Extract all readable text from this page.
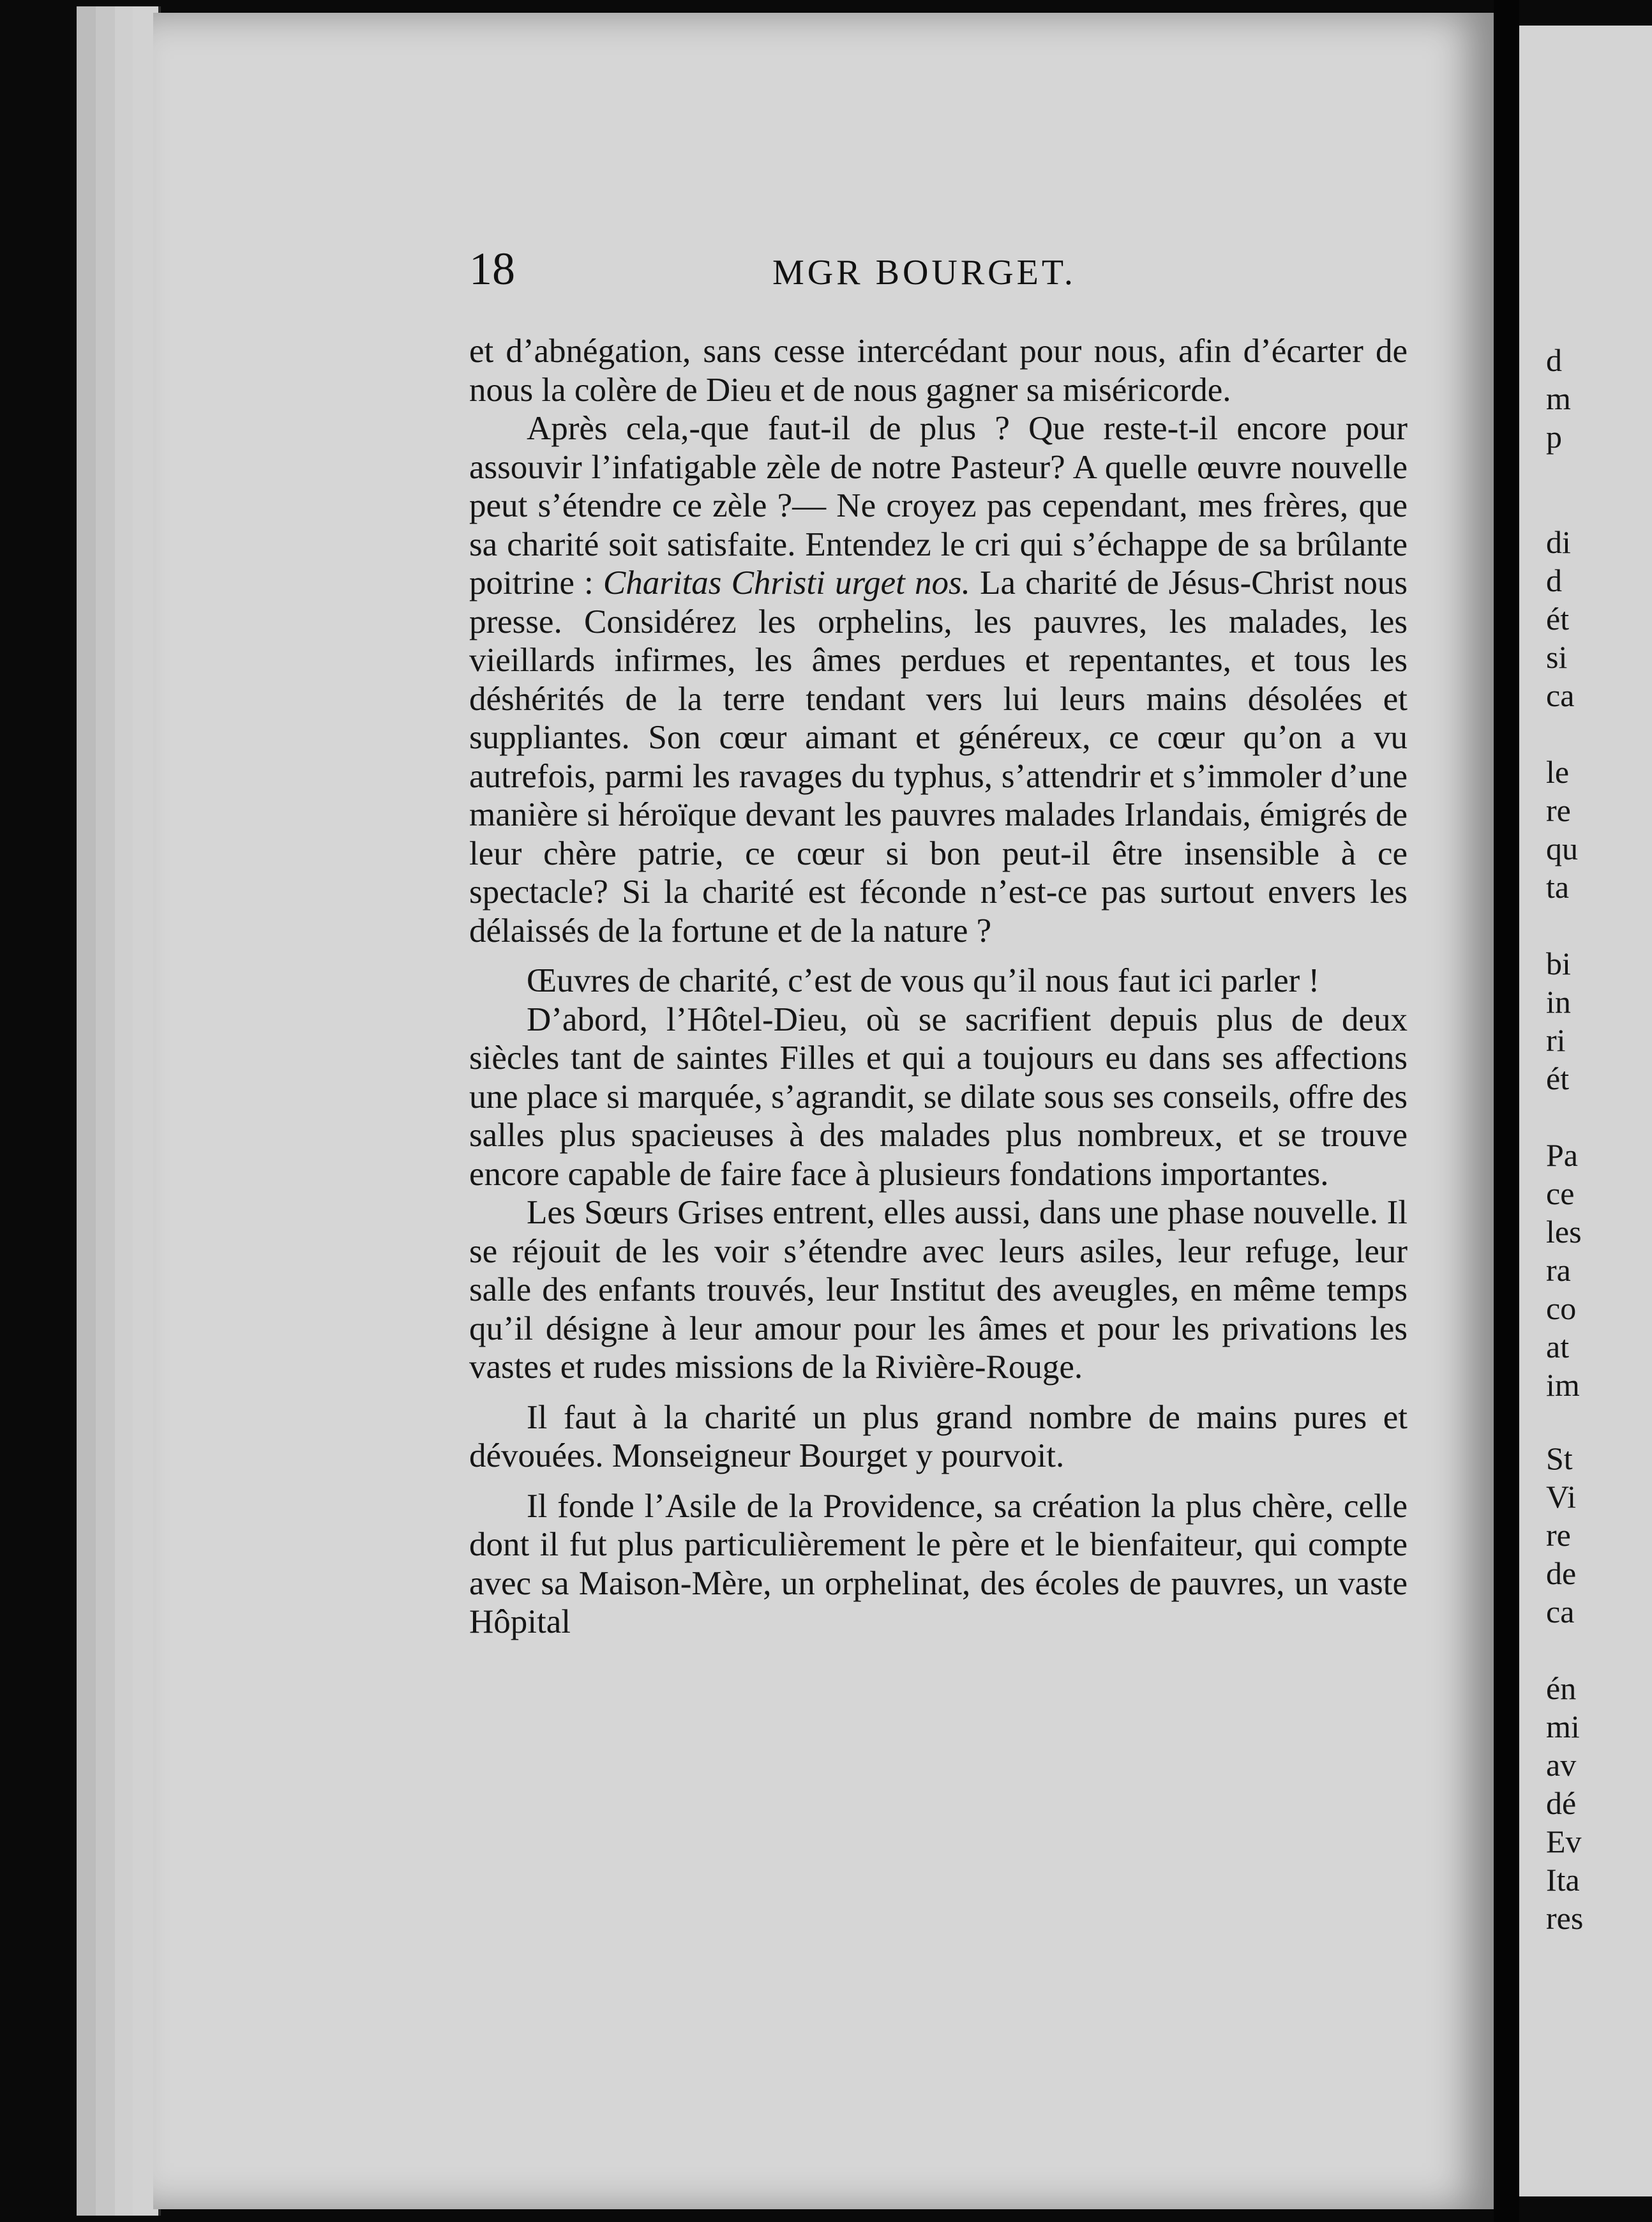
18	MGR BOURGET.

et d’abnégation, sans cesse intercédant pour nous, afin d’écarter de nous la colère de Dieu et de nous gagner sa miséricorde.

Après cela,-que faut-il de plus ? Que reste-t-il encore pour assouvir l’infatigable zèle de notre Pasteur? A quelle œuvre nouvelle peut s’étendre ce zèle ?— Ne croyez pas cependant, mes frères, que sa charité soit satisfaite. Entendez le cri qui s’échappe de sa brûlante poitrine : Charitas Christi urget nos. La charité de Jésus-Christ nous presse. Considérez les orphelins, les pauvres, les malades, les vieillards infirmes, les âmes perdues et repentantes, et tous les déshérités de la terre tendant vers lui leurs mains désolées et suppliantes. Son cœur aimant et généreux, ce cœur qu’on a vu autrefois, parmi les ravages du typhus, s’attendrir et s’immoler d’une manière si héroïque devant les pauvres malades Irlandais, émigrés de leur chère patrie, ce cœur si bon peut-il être insensible à ce spectacle? Si la charité est féconde n’est-ce pas surtout envers les délaissés de la fortune et de la nature ?

Œuvres de charité, c’est de vous qu’il nous faut ici parler !

D’abord, l’Hôtel-Dieu, où se sacrifient depuis plus de deux siècles tant de saintes Filles et qui a toujours eu dans ses affections une place si marquée, s’agrandit, se dilate sous ses conseils, offre des salles plus spacieuses à des malades plus nombreux, et se trouve encore capable de faire face à plusieurs fondations importantes.

Les Sœurs Grises entrent, elles aussi, dans une phase nouvelle. Il se réjouit de les voir s’étendre avec leurs asiles, leur refuge, leur salle des enfants trouvés, leur Institut des aveugles, en même temps qu’il désigne à leur amour pour les âmes et pour les privations les vastes et rudes missions de la Rivière-Rouge.

Il faut à la charité un plus grand nombre de mains pures et dévouées. Monseigneur Bourget y pourvoit.

Il fonde l’Asile de la Providence, sa création la plus chère, celle dont il fut plus particulièrement le père et le bienfaiteur, qui compte avec sa Maison-Mère, un orphelinat, des écoles de pauvres, un vaste Hôpital

d
m
p
di
d
ét
si
ca
le
re
qu
ta
bi
in
ri
ét
Pa
ce
les
ra
co
at
im
St
Vi
re
de
ca
én
mi
av
dé
Ev
Ita
res
